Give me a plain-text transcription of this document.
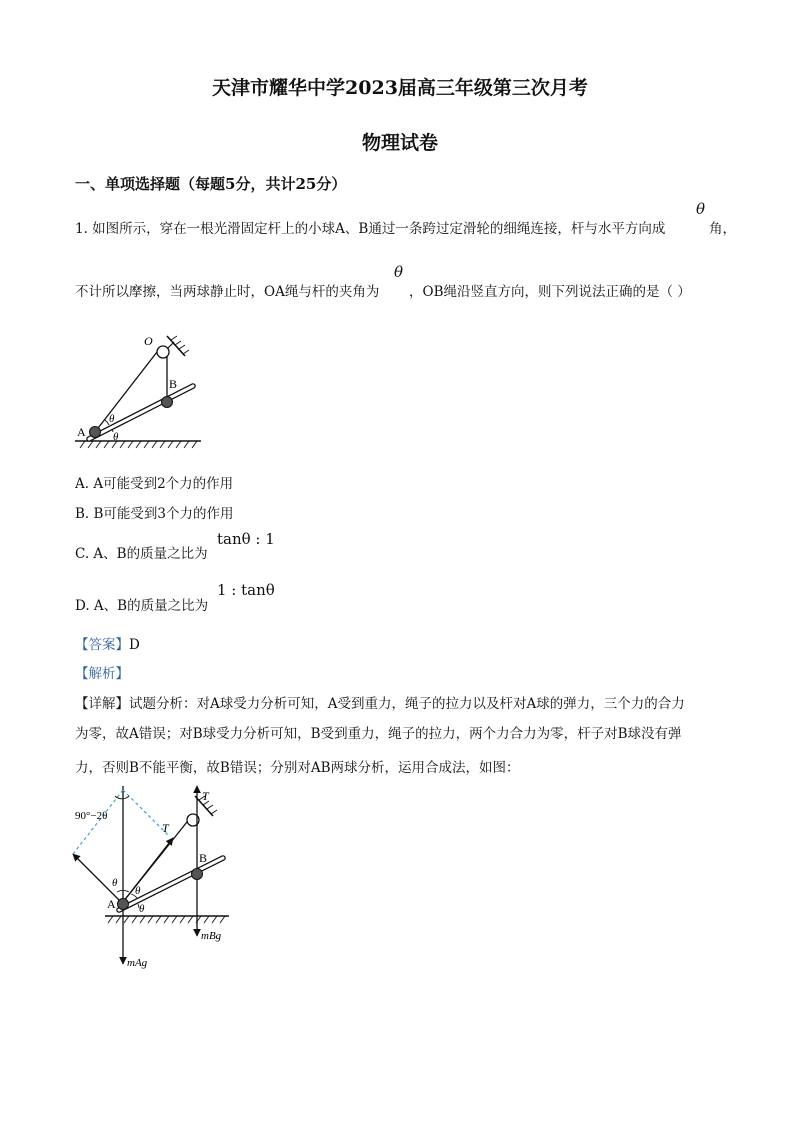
天津市耀华中学2023届高三年级第三次月考
物理试卷
一、单项选择题（每题5分，共计25分）
1. 如图所示，穿在一根光滑固定杆上的小球A、B通过一条跨过定滑轮的细绳连接，杆与水平方向成
θ
角，
不计所以摩擦，当两球静止时，OA绳与杆的夹角为
θ
，OB绳沿竖直方向，则下列说法正确的是（ ）
O
B
A
θ
θ
A. A可能受到2个力的作用
B. B可能受到3个力的作用
C. A、B的质量之比为
tanθ : 1
D. A、B的质量之比为
1 : tanθ
【答案】D
【解析】
【详解】试题分析：对A球受力分析可知，A受到重力，绳子的拉力以及杆对A球的弹力，三个力的合力
为零，故A错误；对B球受力分析可知，B受到重力，绳子的拉力，两个力合力为零，杆子对B球没有弹
力，否则B不能平衡，故B错误；分别对AB两球分析，运用合成法，如图：
90°−2θ
T
T
B
A
θ
θ
θ
mBg
mAg
